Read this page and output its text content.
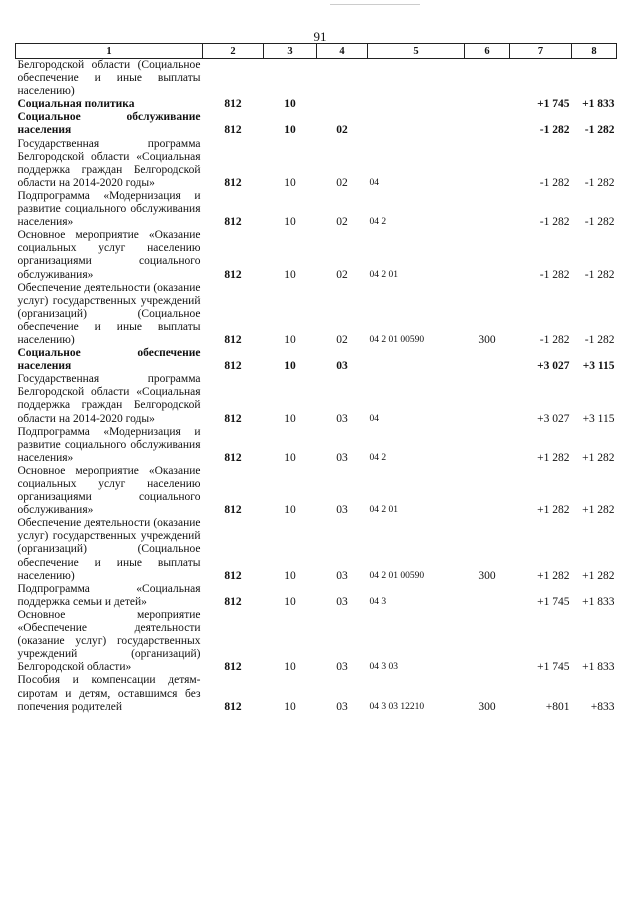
91
1	2	3	4	5	6	7	8
Белгородской области (Социальное обеспечение и иные выплаты населению)							
Социальная политика	812	10				+1 745	+1 833
Социальное обслуживание населения	812	10	02			-1 282	-1 282
Государственная программа Белгородской области «Социальная поддержка граждан Белгородской области на 2014-2020 годы»	812	10	02	04		-1 282	-1 282
Подпрограмма «Модернизация и развитие социального обслуживания населения»	812	10	02	04 2		-1 282	-1 282
Основное мероприятие «Оказание социальных услуг населению организациями социального обслуживания»	812	10	02	04 2 01		-1 282	-1 282
Обеспечение деятельности (оказание услуг) государственных учреждений (организаций) (Социальное обеспечение и иные выплаты населению)	812	10	02	04 2 01 00590	300	-1 282	-1 282
Социальное обеспечение населения	812	10	03			+3 027	+3 115
Государственная программа Белгородской области «Социальная поддержка граждан Белгородской области на 2014-2020 годы»	812	10	03	04		+3 027	+3 115
Подпрограмма «Модернизация и развитие социального обслуживания населения»	812	10	03	04 2		+1 282	+1 282
Основное мероприятие «Оказание социальных услуг населению организациями социального обслуживания»	812	10	03	04 2 01		+1 282	+1 282
Обеспечение деятельности (оказание услуг) государственных учреждений (организаций) (Социальное обеспечение и иные выплаты населению)	812	10	03	04 2 01 00590	300	+1 282	+1 282
Подпрограмма «Социальная поддержка семьи и детей»	812	10	03	04 3		+1 745	+1 833
Основное мероприятие «Обеспечение деятельности (оказание услуг) государственных учреждений (организаций) Белгородской области»	812	10	03	04 3 03		+1 745	+1 833
Пособия и компенсации детям-сиротам и детям, оставшимся без попечения родителей	812	10	03	04 3 03 12210	300	+801	+833
